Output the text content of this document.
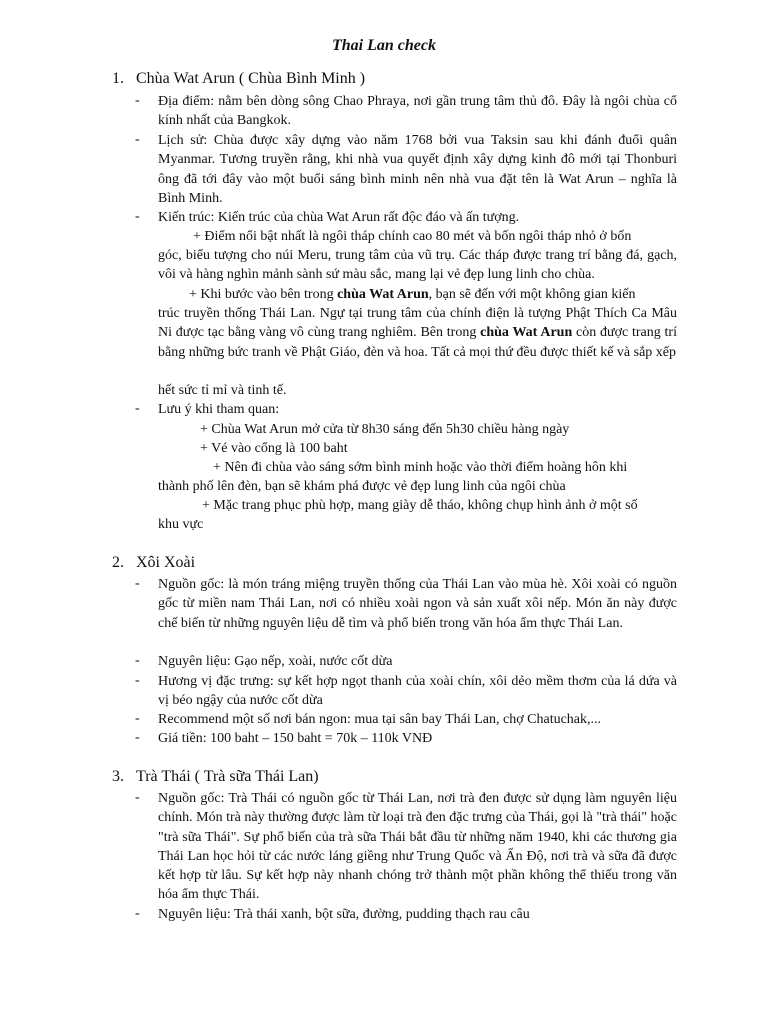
Thai Lan check
1. Chùa Wat Arun ( Chùa Bình Minh )
- Địa điểm: nằm bên dòng sông Chao Phraya, nơi gần trung tâm thủ đô. Đây là ngôi chùa cổ kính nhất của Bangkok.
- Lịch sử: Chùa được xây dựng vào năm 1768 bởi vua Taksin sau khi đánh đuổi quân Myanmar. Tương truyền rằng, khi nhà vua quyết định xây dựng kinh đô mới tại Thonburi ông đã tới đây vào một buổi sáng bình minh nên nhà vua đặt tên là Wat Arun – nghĩa là Bình Minh.
- Kiến trúc: Kiến trúc của chùa Wat Arun rất độc đáo và ấn tượng.
+ Điểm nổi bật nhất là ngôi tháp chính cao 80 mét và bốn ngôi tháp nhỏ ở bốn
góc, biểu tượng cho núi Meru, trung tâm của vũ trụ. Các tháp được trang trí bằng đá, gạch, vôi và hàng nghìn mảnh sành sứ màu sắc, mang lại vẻ đẹp lung linh cho chùa.
+ Khi bước vào bên trong chùa Wat Arun, bạn sẽ đến với một không gian kiến
trúc truyền thống Thái Lan. Ngự tại trung tâm của chính điện là tượng Phật Thích Ca Mâu Ni được tạc bằng vàng vô cùng trang nghiêm. Bên trong chùa Wat Arun còn được trang trí bằng những bức tranh về Phật Giáo, đèn và hoa. Tất cả mọi thứ đều được thiết kế và sắp xếp
hết sức tỉ mỉ và tinh tế.
- Lưu ý khi tham quan:
+ Chùa Wat Arun mở cửa từ 8h30 sáng đến 5h30 chiều hàng ngày
+ Vé vào cổng là 100 baht
+ Nên đi chùa vào sáng sớm bình minh hoặc vào thời điểm hoàng hôn khi
thành phố lên đèn, bạn sẽ khám phá được vẻ đẹp lung linh của ngôi chùa
+ Mặc trang phục phù hợp, mang giày dễ tháo, không chụp hình ảnh ở một số
khu vực
2. Xôi Xoài
- Nguồn gốc: là món tráng miệng truyền thống của Thái Lan vào mùa hè. Xôi xoài có nguồn gốc từ miền nam Thái Lan, nơi có nhiều xoài ngon và sản xuất xôi nếp. Món ăn này được chế biến từ những nguyên liệu dễ tìm và phổ biến trong văn hóa ẩm thực Thái Lan.
- Nguyên liệu: Gạo nếp, xoài, nước cốt dừa
- Hương vị đặc trưng: sự kết hợp ngọt thanh của xoài chín, xôi dẻo mềm thơm của lá dứa và vị béo ngậy của nước cốt dừa
- Recommend một số nơi bán ngon: mua tại sân bay Thái Lan, chợ Chatuchak,...
- Giá tiền: 100 baht – 150 baht = 70k – 110k VNĐ
3. Trà Thái ( Trà sữa Thái Lan)
- Nguồn gốc: Trà Thái có nguồn gốc từ Thái Lan, nơi trà đen được sử dụng làm nguyên liệu chính. Món trà này thường được làm từ loại trà đen đặc trưng của Thái, gọi là "trà thái" hoặc "trà sữa Thái". Sự phổ biến của trà sữa Thái bắt đầu từ những năm 1940, khi các thương gia Thái Lan học hỏi từ các nước láng giềng như Trung Quốc và Ấn Độ, nơi trà và sữa đã được kết hợp từ lâu. Sự kết hợp này nhanh chóng trở thành một phần không thể thiếu trong văn hóa ẩm thực Thái.
- Nguyên liệu: Trà thái xanh, bột sữa, đường, pudding thạch rau câu
